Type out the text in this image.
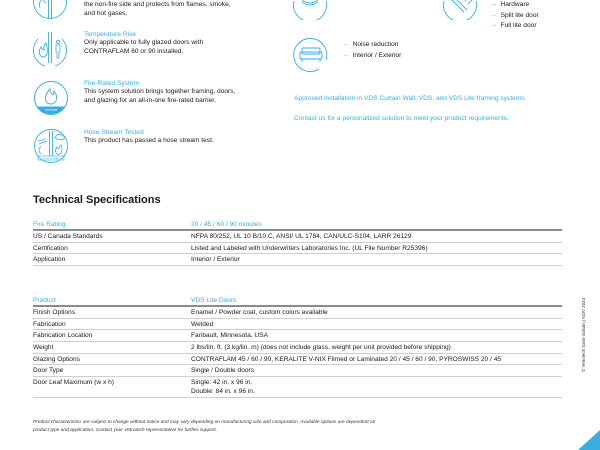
the non-fire side and protects from flames, smoke,
and hot gases.
Temperature Rise
Only applicable to fully glazed doors with
CONTRAFLAM 60 or 90 installed.
SYSTEMS
Fire-Rated System
This system solution brings together framing, doors,
and glazing for an all-in-one fire-rated barrier.
HOSE STREAM
Hose Stream Tested
This product has passed a hose stream test.
→ Hardware
→ Split lite door
→ Full lite door
→ Noise reduction
→ Interior / Exterior
Approved installation in VDS Curtain Wall, VDS, and VDS Lite framing systems.
Contact us for a personalized solution to meet your product requirements.
Technical Specifications
Fire Rating	20 / 45 / 60 / 90 minutes
US / Canada Standards	NFPA 80/252, UL 10 B/10 C, ANSI/ UL 1784, CAN/ULC-S104, LARR 26129
Certification	Listed and Labeled with Underwriters Laboratories Inc. (UL File Number R25396)
Application	Interior / Exterior
Product	VDS Lite Doors
Finish Options	Enamel / Powder coat, custom colors available
Fabrication	Welded
Fabrication Location	Faribault, Minnesota, USA
Weight	2 lbs/lin. ft. (3 kg/lin. m) (does not include glass, weight per unit provided before shipping)
Glazing Options	CONTRAFLAM 45 / 60 / 90, KERALITE V-NIX Filmed or Laminated 20 / 45 / 60 / 90, PYROSWISS 20 / 45
Door Type	Single / Double doors
Door Leaf Maximum (w x h)	Single: 42 in. x 96 in.
Double: 84 in. x 96 in.
© Vetrotech Saint-Gobain | NOV 2024
Product characteristics are subject to change without notice and may vary depending on manufacturing size and composition. Available options are dependent on
product type and application. Contact your Vetrotech representative for further support.
